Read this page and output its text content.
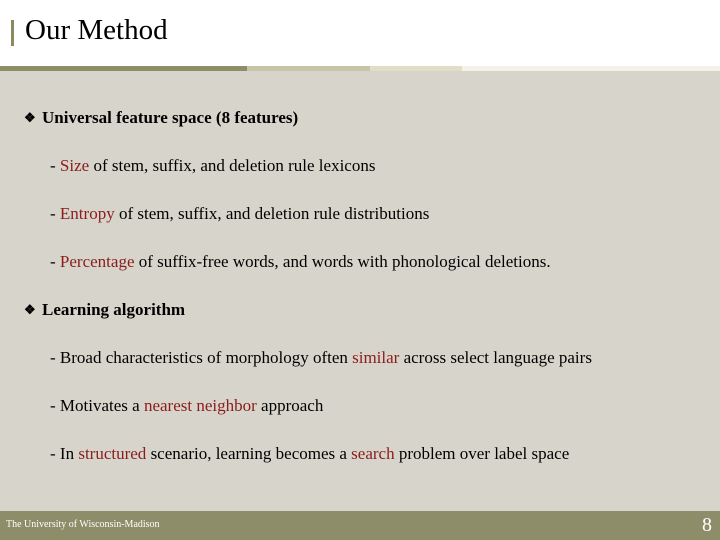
Our Method
❖ Universal feature space (8 features)
- Size of stem, suffix, and deletion rule lexicons
- Entropy of stem, suffix, and deletion rule distributions
- Percentage of suffix-free words, and words with phonological deletions.
❖ Learning algorithm
- Broad characteristics of morphology often similar across select language pairs
- Motivates a nearest neighbor approach
- In structured scenario, learning becomes a search problem over label space
The University of Wisconsin-Madison	8
